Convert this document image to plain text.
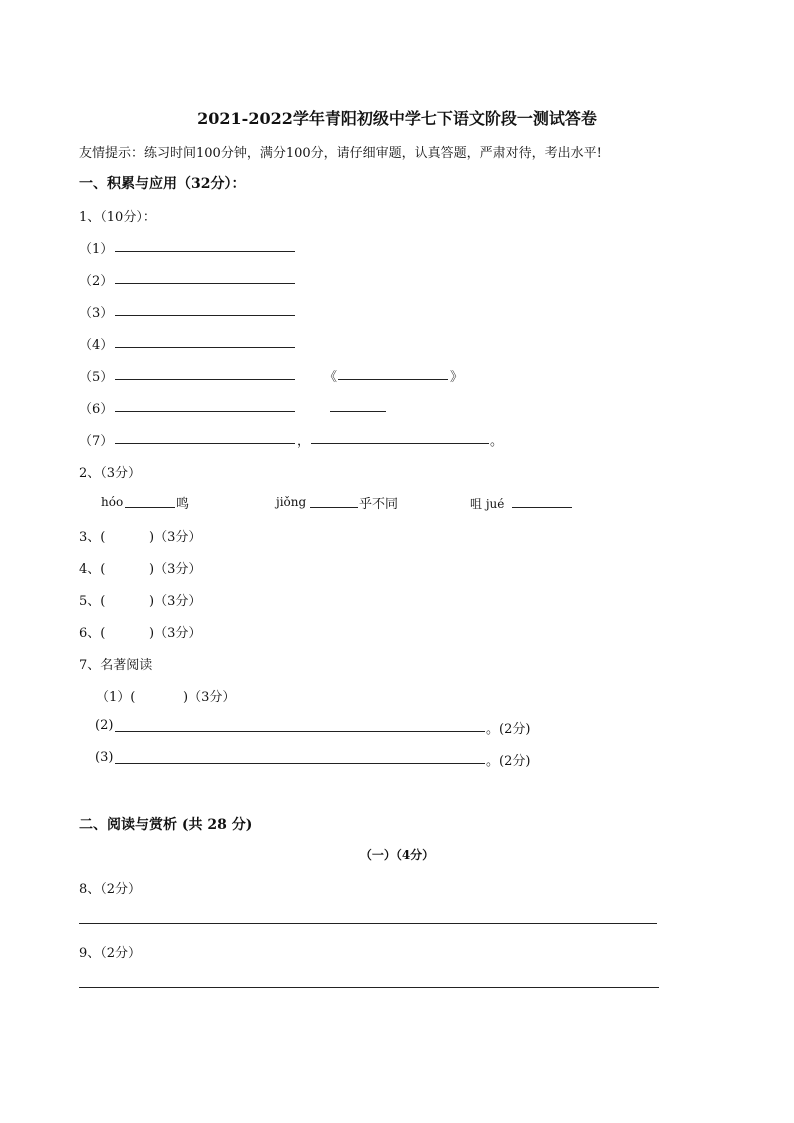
2021-2022学年青阳初级中学七下语文阶段一测试答卷
友情提示：练习时间100分钟，满分100分，请仔细审题，认真答题，严肃对待，考出水平!
一、积累与应用（32分）：
1、（10分）：
（1）
（2）
（3）
（4）
（5）	《	》
（6）
（7）	，	。
2、（3分）
hóo	鸣	jiǒng	乎不同	咀 jué
3、(	)（3分）
4、(	)（3分）
5、(	)（3分）
6、(	)（3分）
7、名著阅读
（1）(	)（3分）
(2)	。(2分)
(3)	。(2分)
二、阅读与赏析 (共 28 分)
（一）（4分）
8、（2分）
9、（2分）
